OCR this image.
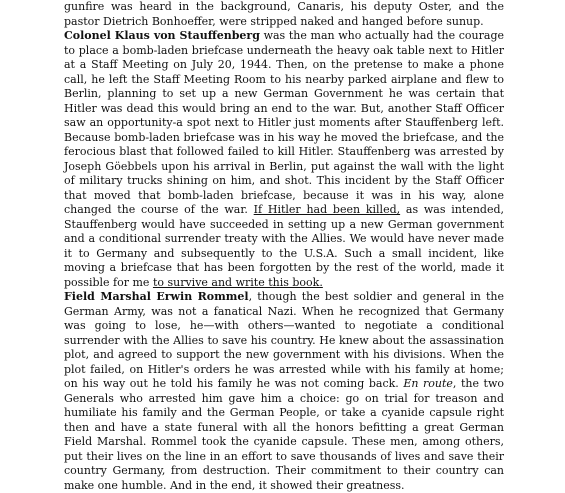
gunfire was heard in the background, Canaris, his deputy Oster, and the pastor Dietrich Bonhoeffer, were stripped naked and hanged before sunup.

Colonel Klaus von Stauffenberg was the man who actually had the courage to place a bomb-laden briefcase underneath the heavy oak table next to Hitler at a Staff Meeting on July 20, 1944. Then, on the pretense to make a phone call, he left the Staff Meeting Room to his nearby parked airplane and flew to Berlin, planning to set up a new German Government he was certain that Hitler was dead this would bring an end to the war. But, another Staff Officer saw an opportunity-a spot next to Hitler just moments after Stauffenberg left. Because bomb-laden briefcase was in his way he moved the briefcase, and the ferocious blast that followed failed to kill Hitler. Stauffenberg was arrested by Joseph Göebbels upon his arrival in Berlin, put against the wall with the light of military trucks shining on him, and shot. This incident by the Staff Officer that moved that bomb-laden briefcase, because it was in his way, alone changed the course of the war. If Hitler had been killed, as was intended, Stauffenberg would have succeeded in setting up a new German government and a conditional surrender treaty with the Allies. We would have never made it to Germany and subsequently to the U.S.A. Such a small incident, like moving a briefcase that has been forgotten by the rest of the world, made it possible for me to survive and write this book.

Field Marshal Erwin Rommel, though the best soldier and general in the German Army, was not a fanatical Nazi. When he recognized that Germany was going to lose, he—with others—wanted to negotiate a conditional surrender with the Allies to save his country. He knew about the assassination plot, and agreed to support the new government with his divisions. When the plot failed, on Hitler's orders he was arrested while with his family at home; on his way out he told his family he was not coming back. En route, the two Generals who arrested him gave him a choice: go on trial for treason and humiliate his family and the German People, or take a cyanide capsule right then and have a state funeral with all the honors befitting a great German Field Marshal. Rommel took the cyanide capsule. These men, among others, put their lives on the line in an effort to save thousands of lives and save their country Germany, from destruction. Their commitment to their country can make one humble. And in the end, it showed their greatness.
